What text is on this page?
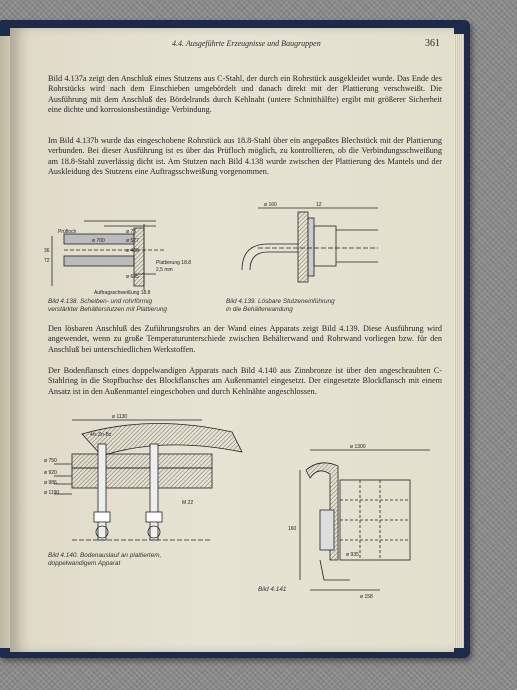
4.4. Ausgeführte Erzeugnisse und Baugruppen	361

Bild 4.137a zeigt den Anschluß eines Stutzens aus C-Stahl, der durch ein Rohrstück ausgekleidet wurde. Das Ende des Rohrstücks wird nach dem Einschieben umgebördelt und danach direkt mit der Plattierung verschweißt. Die Ausführung mit dem Anschluß des Bördelrands durch Kehlnaht (untere Schnitthälfte) ergibt mit größerer Sicherheit eine dichte und korrosionsbeständige Verbindung.

Im Bild 4.137b wurde das eingeschobene Rohrstück aus 18.8-Stahl über ein angepaßtes Blechstück mit der Plattierung verbunden. Bei dieser Ausführung ist es über das Prüfloch möglich, zu kontrollieren, ob die Verbindungsschweißung am 18.8-Stahl zuverlässig dicht ist. Am Stutzen nach Bild 4.138 wurde zwischen der Plattierung des Mantels und der Auskleidung des Stutzens eine Auftragsschweißung vorgenommen.

Prüfloch
ø 700
ø 75
ø 527
ø 480
ø 685
Plattierung 18.8
2,5 mm
Auftragsschweißung 18.8
36
72
Bild 4.138. Scheiben- und rohrförmig
verstärkter Behälterstutzen mit Plattierung
ø 160	12
Bild 4.139. Lösbare Stutzeneinführung
in die Behälterwandung

Den lösbaren Anschluß des Zuführungsrohrs an der Wand eines Apparats zeigt Bild 4.139. Diese Ausführung wird angewendet, wenn zu große Temperaturunterschiede zwischen Behälterwand und Rohrwand vorliegen bzw. für den Anschluß bei unterschiedlichen Werkstoffen.

Der Bodenflansch eines doppelwandigen Apparats nach Bild 4.140 aus Zinnbronze ist über den angeschraubten C-Stahlring in die Stopfbuchse des Blockflansches am Außenmantel eingesetzt. Der eingesetzte Blockflansch mit einem Ansatz ist in den Außenmantel eingeschoben und durch Kehlnähte angeschlossen.

ø 1130
ø 750
ø 920
ø 986
ø 1190
4/s Zn-Bz
M 22
Bild 4.140. Bodenauslauf an plattiertem,
doppelwandigem Apparat
ø 1300
ø 935
ø 158
160
Bild 4.141
